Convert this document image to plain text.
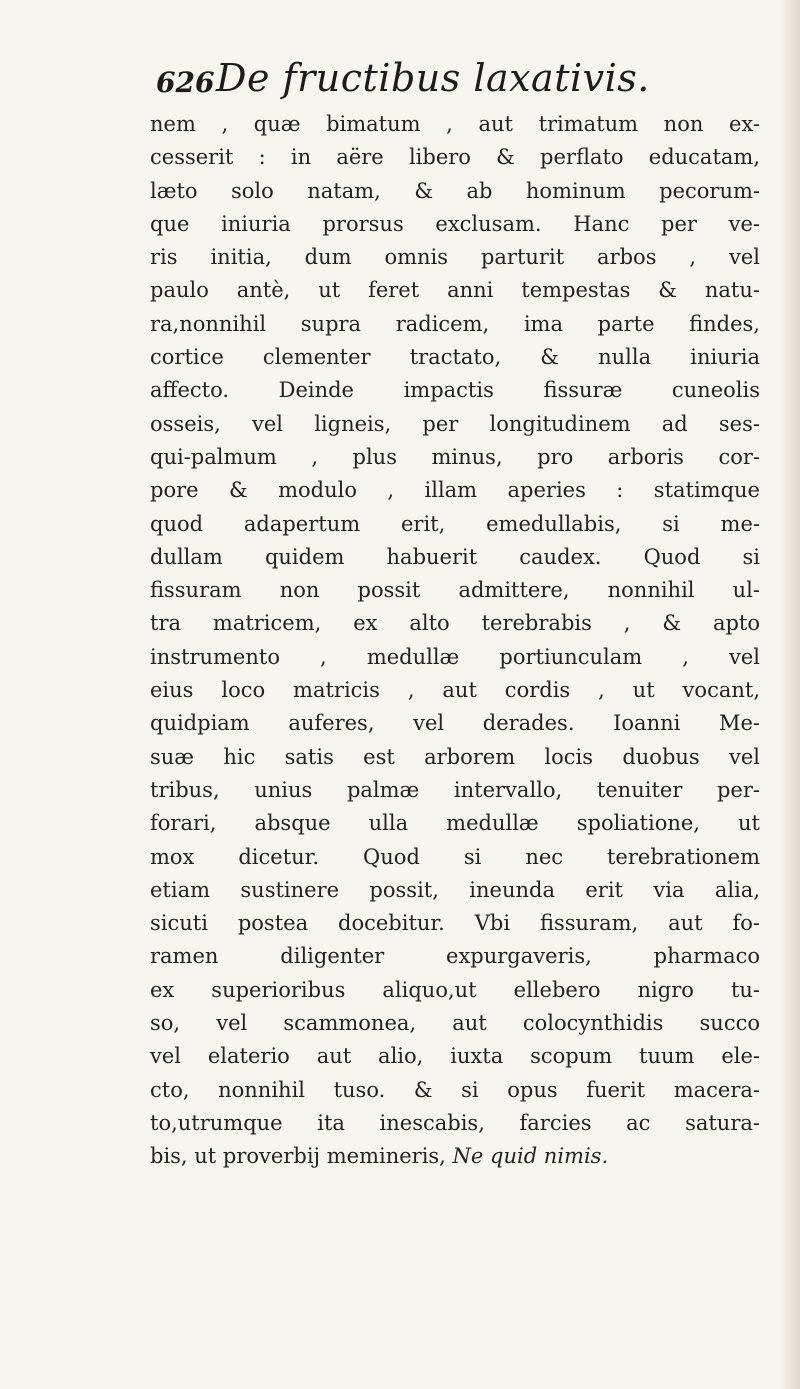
626 De fructibus laxativis.
nem , quæ bimatum , aut trimatum non ex-
cesserit : in aëre libero & perflato educatam,
læto solo natam, & ab hominum pecorum-
que iniuria prorsus exclusam. Hanc per ve-
ris initia, dum omnis parturit arbos , vel
paulo antè, ut feret anni tempestas & natu-
ra,nonnihil supra radicem, ima parte findes,
cortice clementer tractato, & nulla iniuria
affecto. Deinde impactis fissuræ cuneolis
osseis, vel ligneis, per longitudinem ad ses-
qui-palmum , plus minus, pro arboris cor-
pore & modulo , illam aperies : statimque
quod adapertum erit, emedullabis, si me-
dullam quidem habuerit caudex. Quod si
fissuram non possit admittere, nonnihil ul-
tra matricem, ex alto terebrabis , & apto
instrumento , medullæ portiunculam , vel
eius loco matricis , aut cordis , ut vocant,
quidpiam auferes, vel derades. Ioanni Me-
suæ hic satis est arborem locis duobus vel
tribus, unius palmæ intervallo, tenuiter per-
forari, absque ulla medullæ spoliatione, ut
mox dicetur. Quod si nec terebrationem
etiam sustinere possit, ineunda erit via alia,
sicuti postea docebitur. Vbi fissuram, aut fo-
ramen diligenter expurgaveris, pharmaco
ex superioribus aliquo,ut ellebero nigro tu-
so, vel scammonea, aut colocynthidis succo
vel elaterio aut alio, iuxta scopum tuum ele-
cto, nonnihil tuso. & si opus fuerit macera-
to,utrumque ita inescabis, farcies ac satura-
bis, ut proverbij memineris, Ne quid nimis.
